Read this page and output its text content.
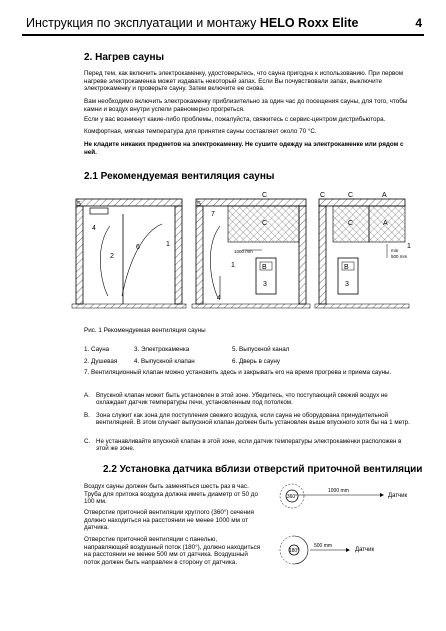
Инструкция по эксплуатации и монтажу HELO Roxx Elite	4
2. Нагрев сауны
Перед тем, как включить электрокаменку, удостоверьтесь, что сауна пригодна к использованию. При первом нагреве электрокаменка может издавать некоторый запах. Если Вы почувствовали запах, выключите электрокаменку и проверьте сауну. Затем включите ее снова.
Вам необходимо включить электрокаменку приблизительно за один час до посещения сауны, для того, чтобы камни и воздух внутри успели равномерно прогреться.
Если у вас возникнут какие-либо проблемы, пожалуйста, свяжитесь с сервис-центром дистрибьютора.
Комфортная, мягкая температура для принятия сауны составляет около 70 °C.
Не кладите никаких предметов на электрокаменку. Не сушите одежду на электрокаменке или рядом с ней.
2.1 Рекомендуемая вентиляция сауны
5
4
2
6	1
5
7
C
C
1
4
B
3
1000 mm
C	C	A
C	A
1
B
3
min
500 mm
Рис. 1 Рекомендуемая вентиляция сауны
1. Сауна	3. Электрокаменка	5. Выпускной канал
2. Душевая	4. Выпускной клапан	6. Дверь в сауну
7. Вентиляционный клапан можно установить здесь и закрывать его на время прогрева и приема сауны.
A. Впускной клапан может быть установлен в этой зоне. Убедитесь, что поступающий свежий воздух не охлаждает датчик температуры печи, установленным под потолком.
B. Зона служит как зона для поступления свежего воздуха, если сауна не оборудована принудительной вентиляцией. В этом случает выпускной клапан должен быть установлен выше впускного хотя бы на 1 метр.
C. Не устанавливайте впускной клапан в этой зоне, если датчик температуры электрокаменки расположен в этой же зоне.
2.2 Установка датчика вблизи отверстий приточной вентиляции
Воздух сауны должен быть заменяться шесть раз в час. Труба для притока воздуха должна иметь диаметр от 50 до 100 мм.
Отверстие приточной вентиляции круглого (360°) сечения должно находиться на расстоянии не менее 1000 мм от датчика.
Отверстие приточной вентиляции с панелью, направляющей воздушный поток (180°), должно находиться на расстоянии не менее 500 мм от датчика. Воздушный поток должен быть направлен в сторону от датчика.
360°
1000 mm
Датчик
180°
500 mm
Датчик
